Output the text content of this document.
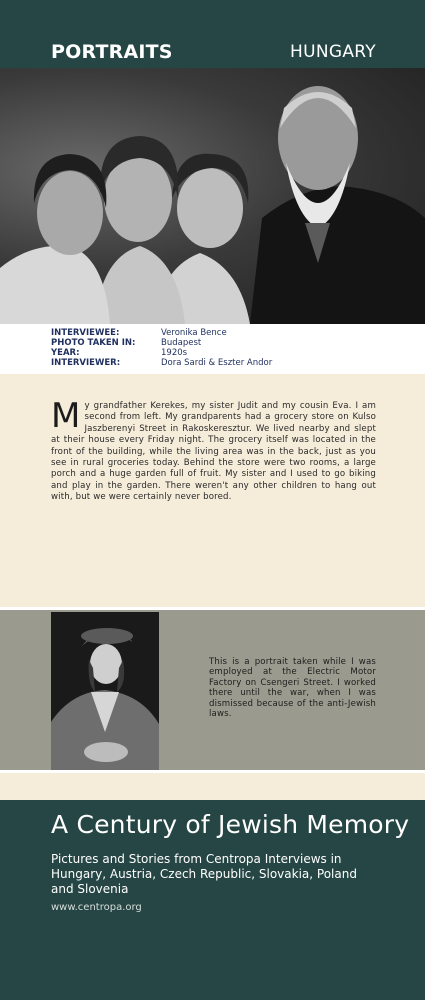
PORTRAITS	HUNGARY
INTERVIEWEE:	Veronika Bence
PHOTO TAKEN IN:	Budapest
YEAR:	1920s
INTERVIEWER:	Dora Sardi & Eszter Andor
My grandfather Kerekes, my sister Judit and my cousin Eva. I am second from left. My grandparents had a grocery store on Kulso Jaszberenyi Street in Rakoskeresztur. We lived nearby and slept at their house every Friday night. The grocery itself was located in the front of the building, while the living area was in the back, just as you see in rural groceries today. Behind the store were two rooms, a large porch and a huge garden full of fruit. My sister and I used to go biking and play in the garden. There weren't any other children to hang out with, but we were certainly never bored.
This is a portrait taken while I was employed at the Electric Motor Factory on Csengeri Street. I worked there until the war, when I was dismissed because of the anti-Jewish laws.
A Century of Jewish Memory
Pictures and Stories from Centropa Interviews in Hungary, Austria, Czech Republic, Slovakia, Poland and Slovenia
www.centropa.org
